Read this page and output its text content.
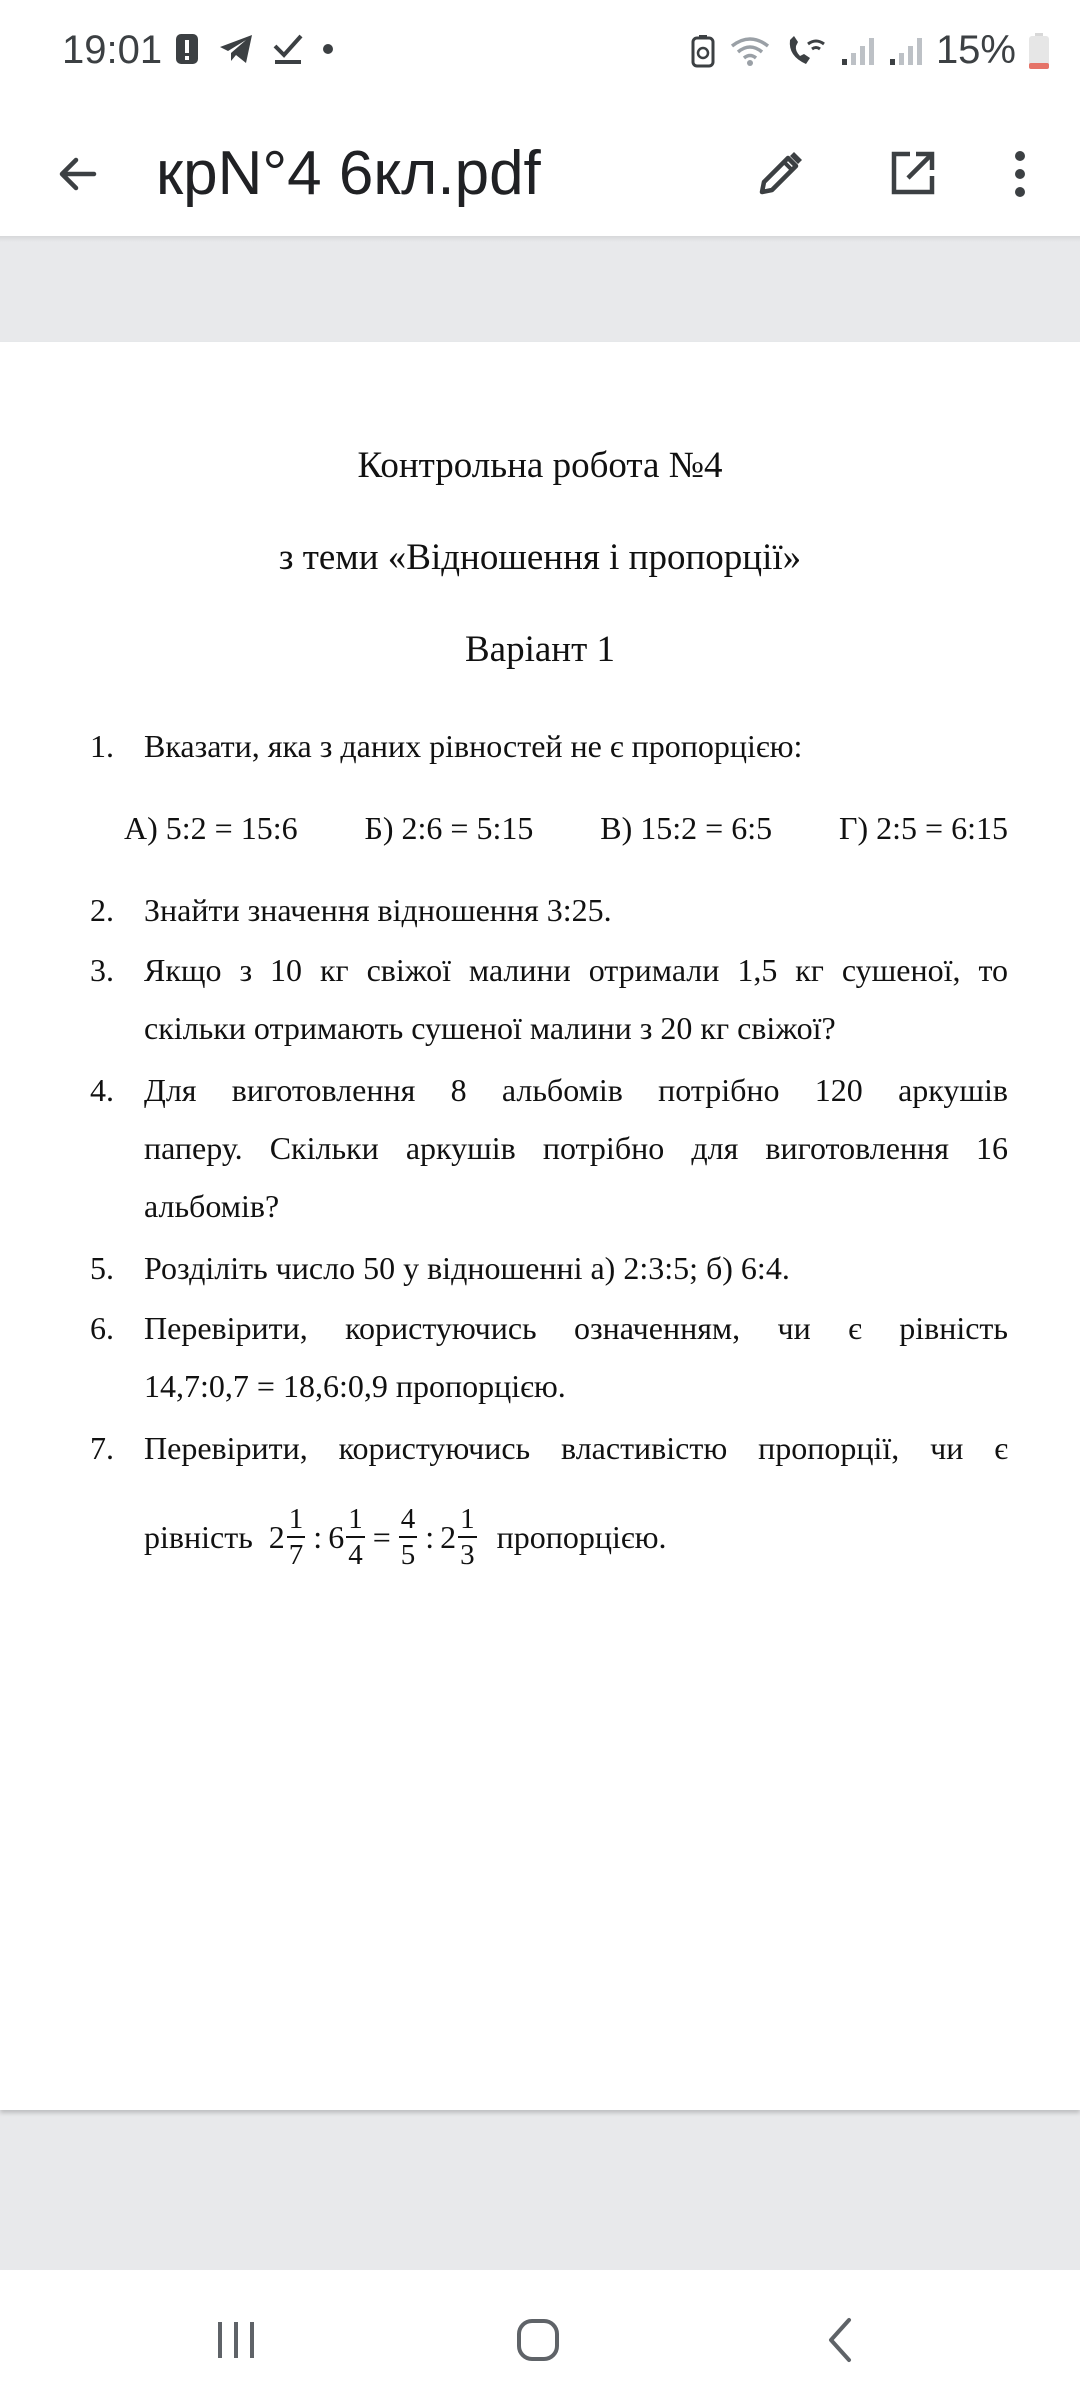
19:01	15%
крN°4 6кл.pdf
Контрольна робота №4
з теми «Відношення і пропорції»
Варіант 1
1. Вказати, яка з даних рівностей не є пропорцією:
А) 5:2 = 15:6 Б) 2:6 = 5:15 В) 15:2 = 6:5 Г) 2:5 = 6:15
2. Знайти значення відношення 3:25.
3. Якщо з 10 кг свіжої малини отримали 1,5 кг сушеної, то
скільки отримають сушеної малини з 20 кг свіжої?
4. Для виготовлення 8 альбомів потрібно 120 аркушів
паперу. Скільки аркушів потрібно для виготовлення 16
альбомів?
5. Розділіть число 50 у відношенні а) 2:3:5; б) 6:4.
6. Перевірити, користуючись означенням, чи є рівність
14,7:0,7 = 18,6:0,9 пропорцією.
7. Перевірити, користуючись властивістю пропорції, чи є
рівність $2 \frac{1}{7}$ : $6 \frac{1}{4} = \frac{4}{5}$ : $2 \frac{1}{3}$ пропорцією.
